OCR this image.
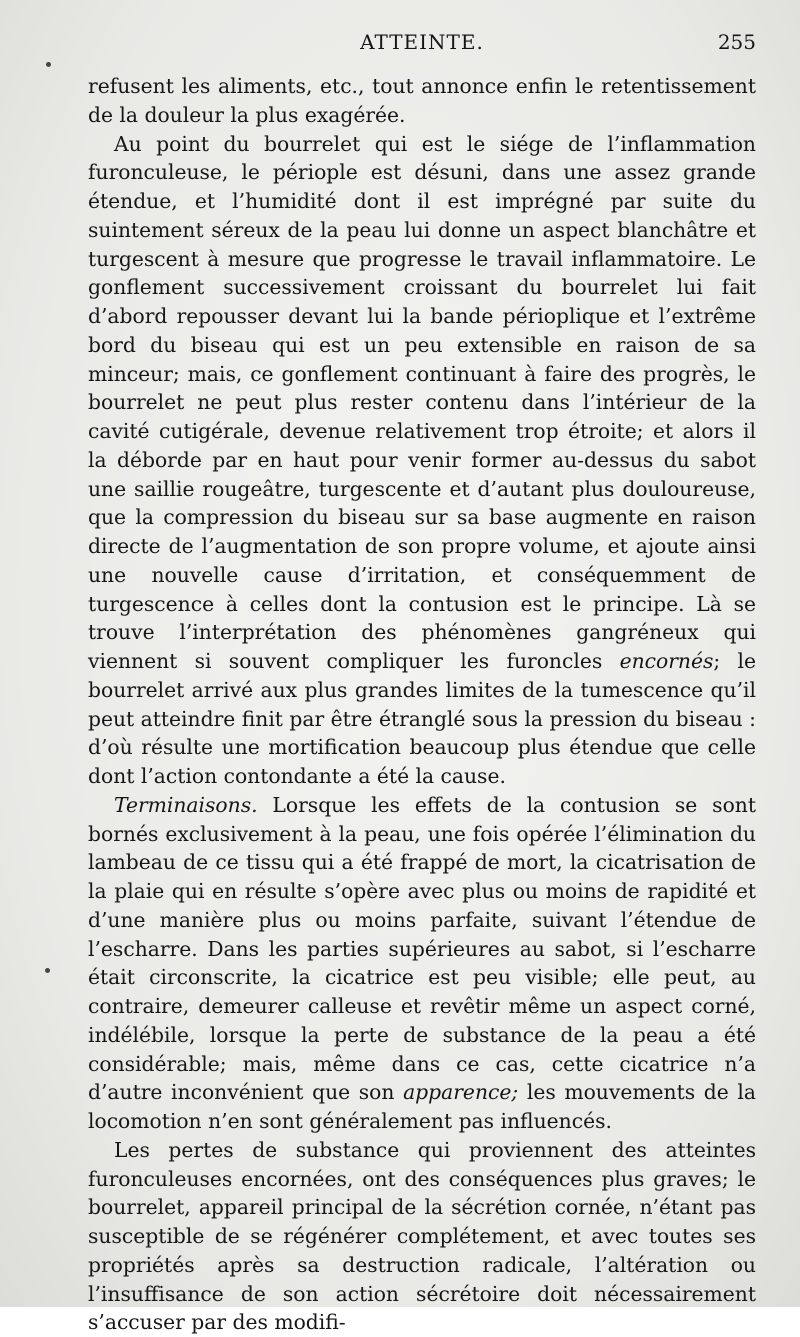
ATTEINTE.	255

refusent les aliments, etc., tout annonce enfin le retentissement de la douleur la plus exagérée.

Au point du bourrelet qui est le siége de l’inflammation furonculeuse, le périople est désuni, dans une assez grande étendue, et l’humidité dont il est imprégné par suite du suintement séreux de la peau lui donne un aspect blanchâtre et turgescent à mesure que progresse le travail inflammatoire. Le gonflement successivement croissant du bourrelet lui fait d’abord repousser devant lui la bande périoplique et l’extrême bord du biseau qui est un peu extensible en raison de sa minceur; mais, ce gonflement continuant à faire des progrès, le bourrelet ne peut plus rester contenu dans l’intérieur de la cavité cutigérale, devenue relativement trop étroite; et alors il la déborde par en haut pour venir former au-dessus du sabot une saillie rougeâtre, turgescente et d’autant plus douloureuse, que la compression du biseau sur sa base augmente en raison directe de l’augmentation de son propre volume, et ajoute ainsi une nouvelle cause d’irritation, et conséquemment de turgescence à celles dont la contusion est le principe. Là se trouve l’interprétation des phénomènes gangréneux qui viennent si souvent compliquer les furoncles encornés; le bourrelet arrivé aux plus grandes limites de la tumescence qu’il peut atteindre finit par être étranglé sous la pression du biseau : d’où résulte une mortification beaucoup plus étendue que celle dont l’action contondante a été la cause.

Terminaisons. Lorsque les effets de la contusion se sont bornés exclusivement à la peau, une fois opérée l’élimination du lambeau de ce tissu qui a été frappé de mort, la cicatrisation de la plaie qui en résulte s’opère avec plus ou moins de rapidité et d’une manière plus ou moins parfaite, suivant l’étendue de l’escharre. Dans les parties supérieures au sabot, si l’escharre était circonscrite, la cicatrice est peu visible; elle peut, au contraire, demeurer calleuse et revêtir même un aspect corné, indélébile, lorsque la perte de substance de la peau a été considérable; mais, même dans ce cas, cette cicatrice n’a d’autre inconvénient que son apparence; les mouvements de la locomotion n’en sont généralement pas influencés.

Les pertes de substance qui proviennent des atteintes furonculeuses encornées, ont des conséquences plus graves; le bourrelet, appareil principal de la sécrétion cornée, n’étant pas susceptible de se régénérer complétement, et avec toutes ses propriétés après sa destruction radicale, l’altération ou l’insuffisance de son action sécrétoire doit nécessairement s’accuser par des modifi-
